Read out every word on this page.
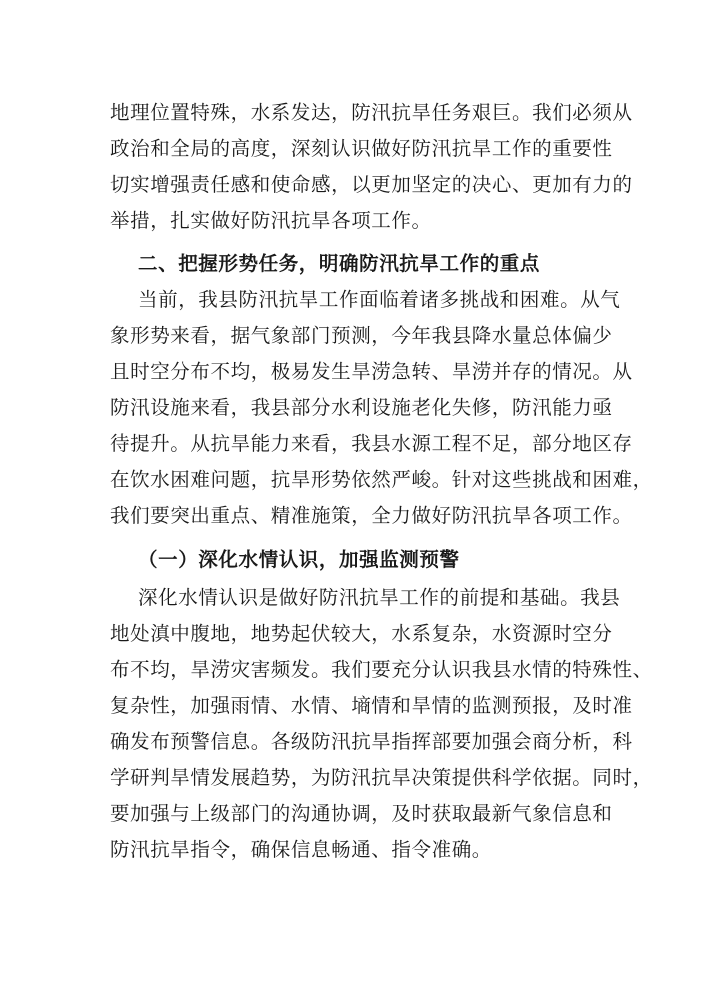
地理位置特殊，水系发达，防汛抗旱任务艰巨。我们必须从
政治和全局的高度，深刻认识做好防汛抗旱工作的重要性
切实增强责任感和使命感，以更加坚定的决心、更加有力的
举措，扎实做好防汛抗旱各项工作。
二、把握形势任务，明确防汛抗旱工作的重点
当前，我县防汛抗旱工作面临着诸多挑战和困难。从气
象形势来看，据气象部门预测，今年我县降水量总体偏少
且时空分布不均，极易发生旱涝急转、旱涝并存的情况。从
防汛设施来看，我县部分水利设施老化失修，防汛能力亟
待提升。从抗旱能力来看，我县水源工程不足，部分地区存
在饮水困难问题，抗旱形势依然严峻。针对这些挑战和困难，
我们要突出重点、精准施策，全力做好防汛抗旱各项工作。
（一）深化水情认识，加强监测预警
深化水情认识是做好防汛抗旱工作的前提和基础。我县
地处滇中腹地，地势起伏较大，水系复杂，水资源时空分
布不均，旱涝灾害频发。我们要充分认识我县水情的特殊性、
复杂性，加强雨情、水情、墒情和旱情的监测预报，及时准
确发布预警信息。各级防汛抗旱指挥部要加强会商分析，科
学研判旱情发展趋势，为防汛抗旱决策提供科学依据。同时，
要加强与上级部门的沟通协调，及时获取最新气象信息和
防汛抗旱指令，确保信息畅通、指令准确。
